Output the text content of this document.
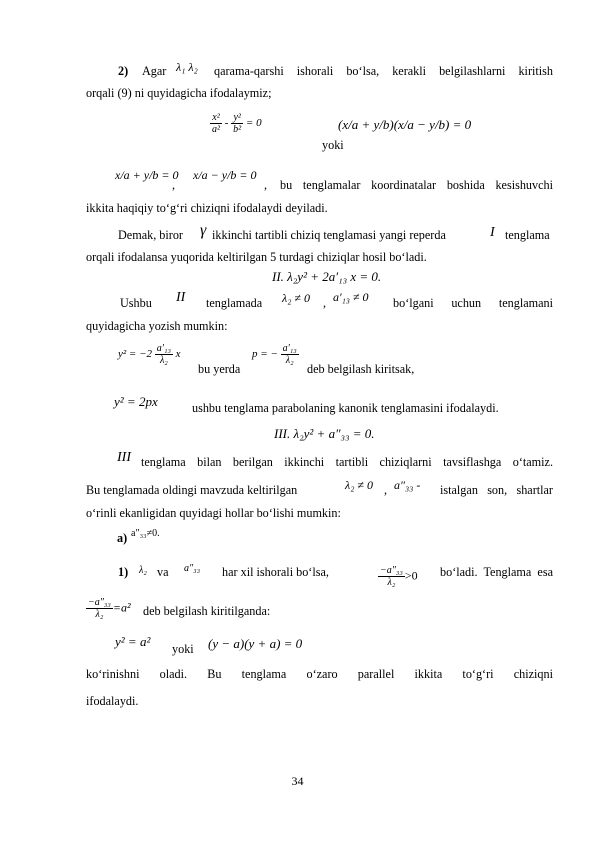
2) Agar λ₁ λ₂ qarama-qarshi ishorali bo‘lsa, kerakli belgilashlarni kiritish
orqali (9) ni quyidagicha ifodalaymiz;
$\frac{\text{x²}}{\text{a²}} - \frac{\text{y²}}{\text{b²}} = 0$
yoki
(x/a + y/b)(x/a − y/b) = 0
x/a + y/b = 0
,
x/a − y/b = 0
, bu tenglamalar koordinatalar boshida kesishuvchi
ikkita haqiqiy to‘g‘ri chiziqni ifodalaydi deyiladi.
Demak, biror γ ikkinchi tartibli chiziq tenglamasi yangi reperda	I tenglama
orqali ifodalansa yuqorida keltirilgan 5 turdagi chiziqlar hosil bo‘ladi.
II. λ₂y² + 2a′₁₃ x = 0.
Ushbu II tenglamada λ₂ ≠ 0 , a′₁₃ ≠ 0 bo‘lgani uchun tenglamani
quyidagicha yozish mumkin:
$y^2 = -2 \frac{\text{a′₁₃}}{\text{λ₂}}$ x
bu yerda
p = − $\frac{\text{a′₁₃}}{\text{λ₂}}$
deb belgilash kiritsak,
y² = 2px	ushbu tenglama parabolaning kanonik tenglamasini ifodalaydi.
III. λ₂y² + a″₃₃ = 0.
III tenglama bilan berilgan ikkinchi tartibli chiziqlarni tavsiflashga o‘tamiz.
Bu tenglamada oldingi mavzuda keltirilgan	λ₂ ≠ 0 , a″₃₃ - istalgan son, shartlar
o‘rinli ekanligidan quyidagi hollar bo‘lishi mumkin:
a) a″₃₃≠0.
1) λ₂ va a″₃₃ har xil ishorali bo‘lsa,	$\frac{\text{−a″₃₃}}{\text{λ₂}} >0$ bo‘ladi. Tenglama esa
$\frac{\text{−a″₃₃}}{\text{λ₂}} =a^2$ deb belgilash kiritilganda:
y² = a² yoki (y − a)(y + a) = 0
ko‘rinishni oladi. Bu tenglama o‘zaro parallel ikkita to‘g‘ri chiziqni
ifodalaydi.
34
